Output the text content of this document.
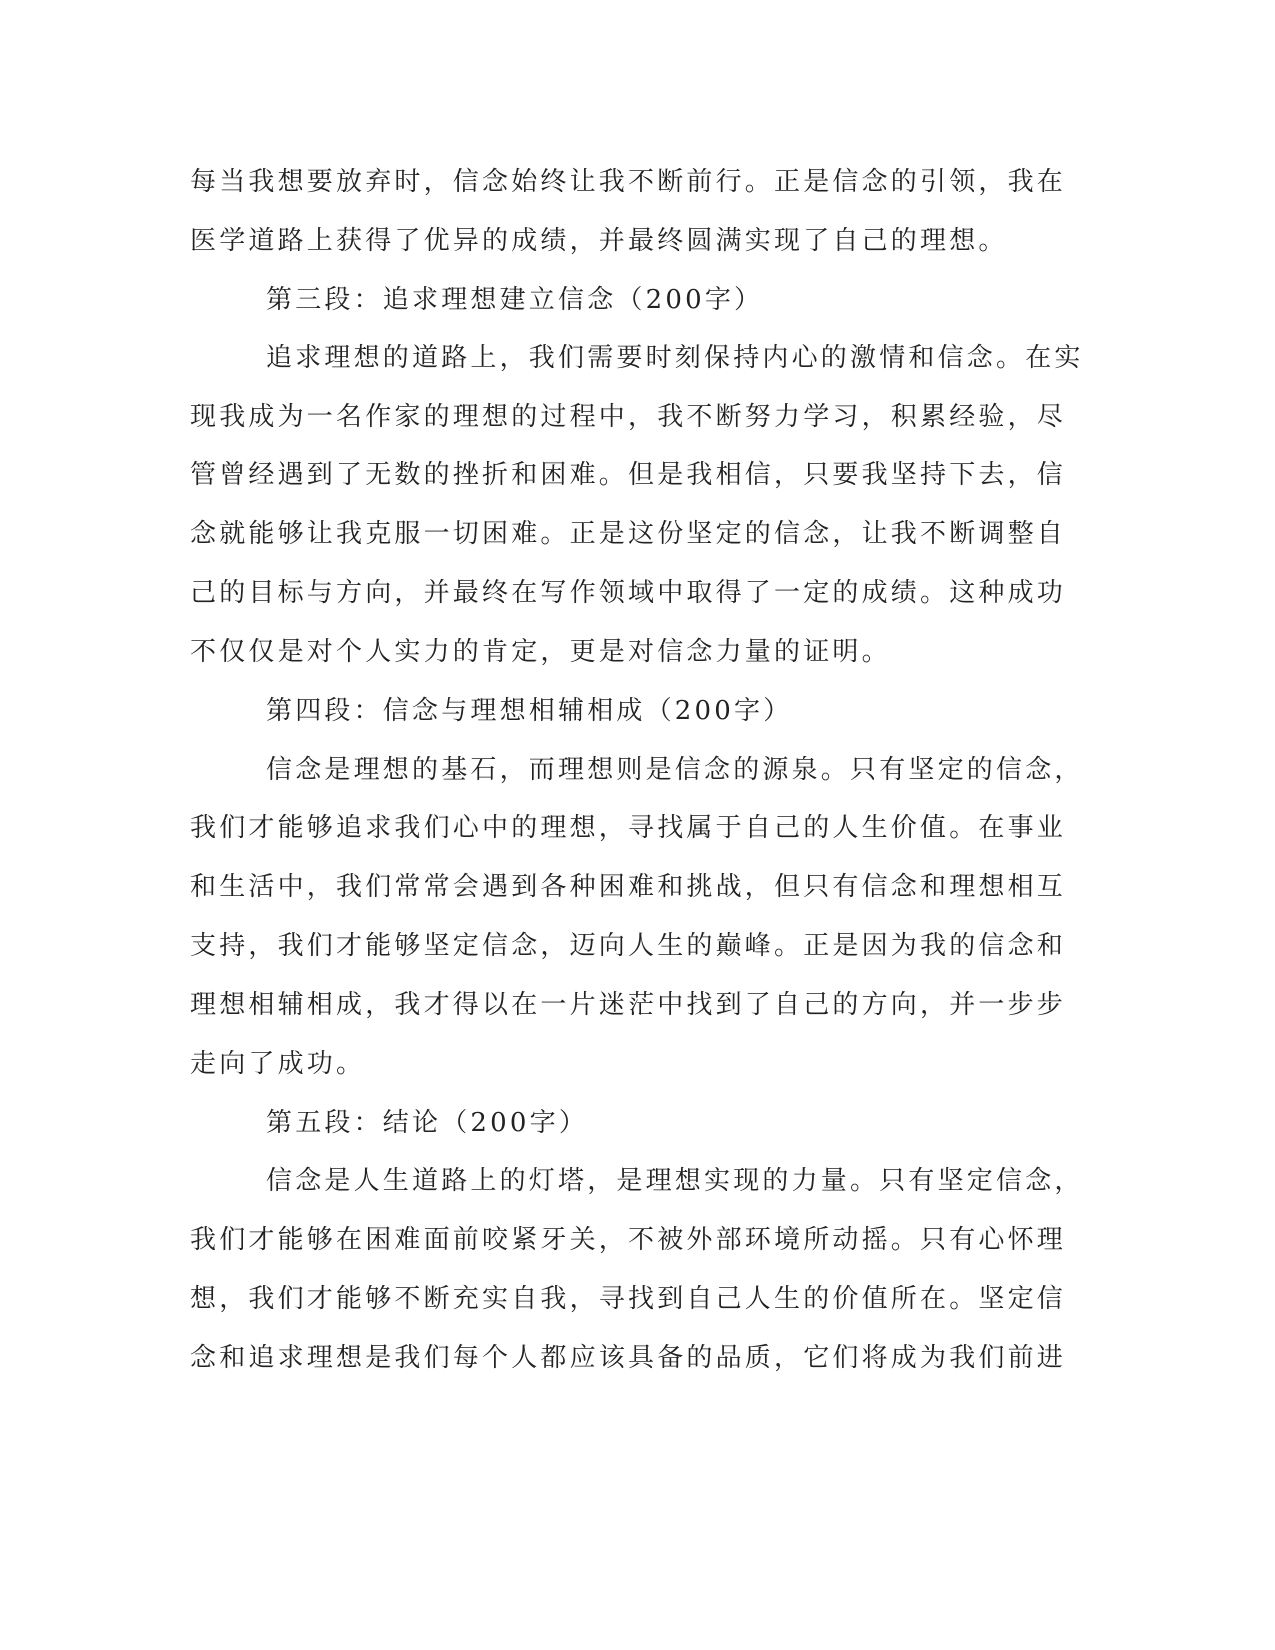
每当我想要放弃时，信念始终让我不断前行。正是信念的引领，我在
医学道路上获得了优异的成绩，并最终圆满实现了自己的理想。
第三段：追求理想建立信念（200字）
追求理想的道路上，我们需要时刻保持内心的激情和信念。在实
现我成为一名作家的理想的过程中，我不断努力学习，积累经验，尽
管曾经遇到了无数的挫折和困难。但是我相信，只要我坚持下去，信
念就能够让我克服一切困难。正是这份坚定的信念，让我不断调整自
己的目标与方向，并最终在写作领域中取得了一定的成绩。这种成功
不仅仅是对个人实力的肯定，更是对信念力量的证明。
第四段：信念与理想相辅相成（200字）
信念是理想的基石，而理想则是信念的源泉。只有坚定的信念，
我们才能够追求我们心中的理想，寻找属于自己的人生价值。在事业
和生活中，我们常常会遇到各种困难和挑战，但只有信念和理想相互
支持，我们才能够坚定信念，迈向人生的巅峰。正是因为我的信念和
理想相辅相成，我才得以在一片迷茫中找到了自己的方向，并一步步
走向了成功。
第五段：结论（200字）
信念是人生道路上的灯塔，是理想实现的力量。只有坚定信念，
我们才能够在困难面前咬紧牙关，不被外部环境所动摇。只有心怀理
想，我们才能够不断充实自我，寻找到自己人生的价值所在。坚定信
念和追求理想是我们每个人都应该具备的品质，它们将成为我们前进
